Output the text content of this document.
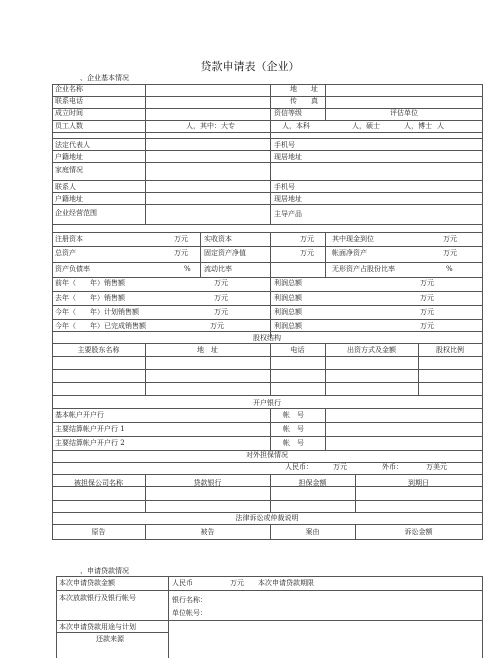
贷款申请表（企业）
、企业基本情况
企业名称	地　　址
联系电话	传　　真
成立时间	资信等级	评估单位
员工人数	人，其中：大专	人，本科	人，硕士	人，博士 人
法定代表人	手机号
户籍地址	现居地址
家庭情况
联系人	手机号
户籍地址	现居地址
企业经营范围	主导产品
注册资本	万元 实收资本	万元	其中现金到位	万元
总资产	万元 固定资产净值	万元	帐面净资产	万元
资产负债率	% 流动比率	无形资产占股份比率	%
前年（　　年）销售额	万元	利润总额	万元
去年（　　年）销售额	万元	利润总额	万元
今年（　　年）计划销售额	万元	利润总额	万元
今年（　　年）已完成销售额	万元	利润总额	万元
股权结构
主要股东名称	地　址	电话	出资方式及金额	股权比例
开户银行
基本帐户开户行	帐　号
主要结算帐户开户行 1	帐　号
主要结算帐户开户行 2	帐　号
对外担保情况
人民币：	万元	外币：	万美元
被担保公司名称	贷款银行	担保金额	到期日
法律诉讼或仲裁说明
原告	被告	案由	诉讼金额
、申请贷款情况
本次申请贷款金额	人民币	万元 本次申请贷款期限
本次放款银行及银行帐号	银行名称：
单位帐号：
本次申请贷款用途与计划
还款来源
